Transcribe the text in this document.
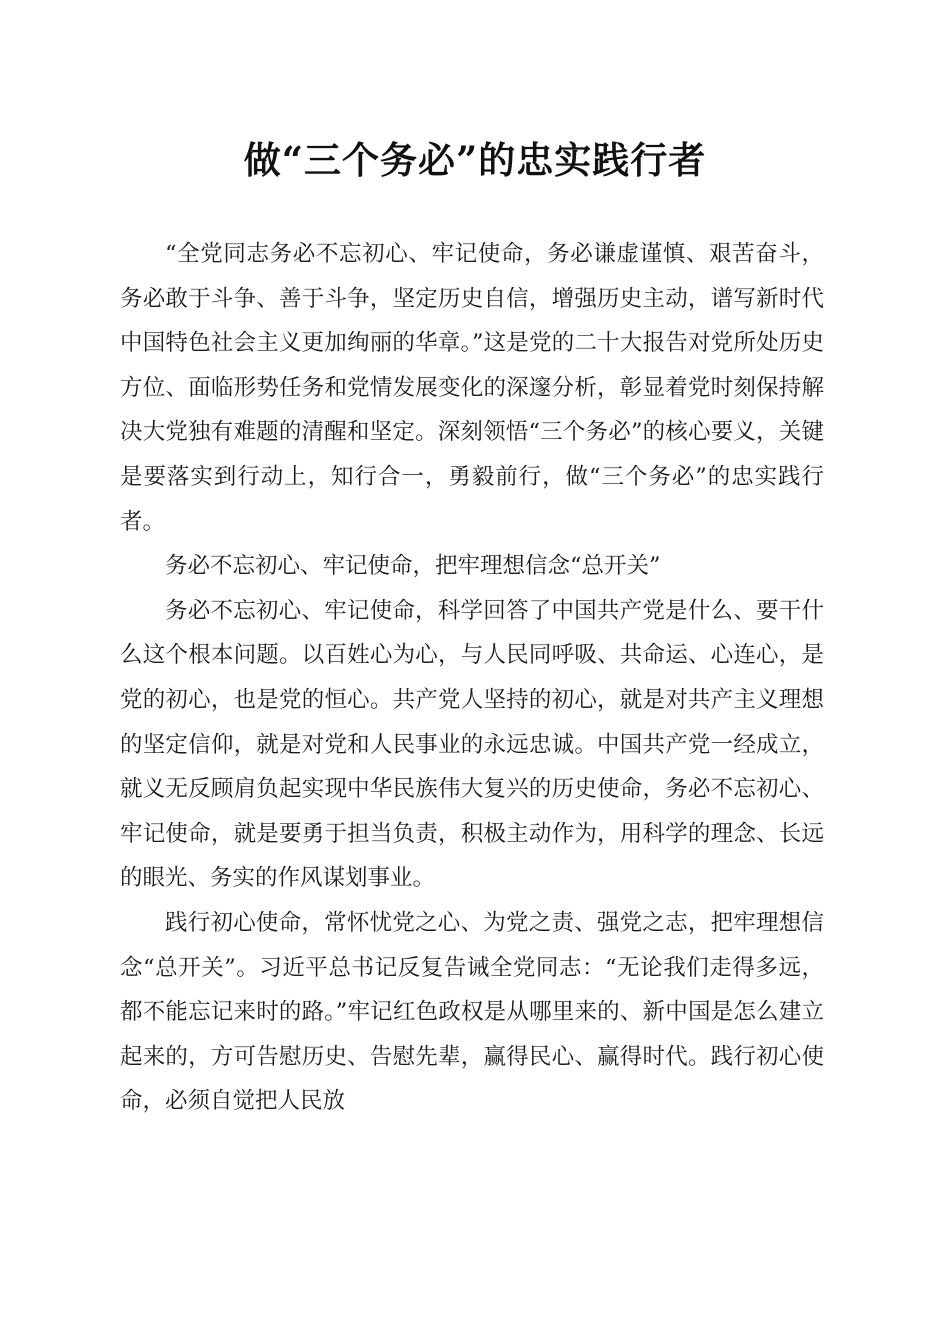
做“三个务必”的忠实践行者

“全党同志务必不忘初心、牢记使命，务必谦虚谨慎、艰苦奋斗，务必敢于斗争、善于斗争，坚定历史自信，增强历史主动，谱写新时代中国特色社会主义更加绚丽的华章。”这是党的二十大报告对党所处历史方位、面临形势任务和党情发展变化的深邃分析，彰显着党时刻保持解决大党独有难题的清醒和坚定。深刻领悟“三个务必”的核心要义，关键是要落实到行动上，知行合一，勇毅前行，做“三个务必”的忠实践行者。

务必不忘初心、牢记使命，把牢理想信念“总开关”

务必不忘初心、牢记使命，科学回答了中国共产党是什么、要干什么这个根本问题。以百姓心为心，与人民同呼吸、共命运、心连心，是党的初心，也是党的恒心。共产党人坚持的初心，就是对共产主义理想的坚定信仰，就是对党和人民事业的永远忠诚。中国共产党一经成立，就义无反顾肩负起实现中华民族伟大复兴的历史使命，务必不忘初心、牢记使命，就是要勇于担当负责，积极主动作为，用科学的理念、长远的眼光、务实的作风谋划事业。

践行初心使命，常怀忧党之心、为党之责、强党之志，把牢理想信念“总开关”。习近平总书记反复告诫全党同志：“无论我们走得多远，都不能忘记来时的路。”牢记红色政权是从哪里来的、新中国是怎么建立起来的，方可告慰历史、告慰先辈，赢得民心、赢得时代。践行初心使命，必须自觉把人民放
